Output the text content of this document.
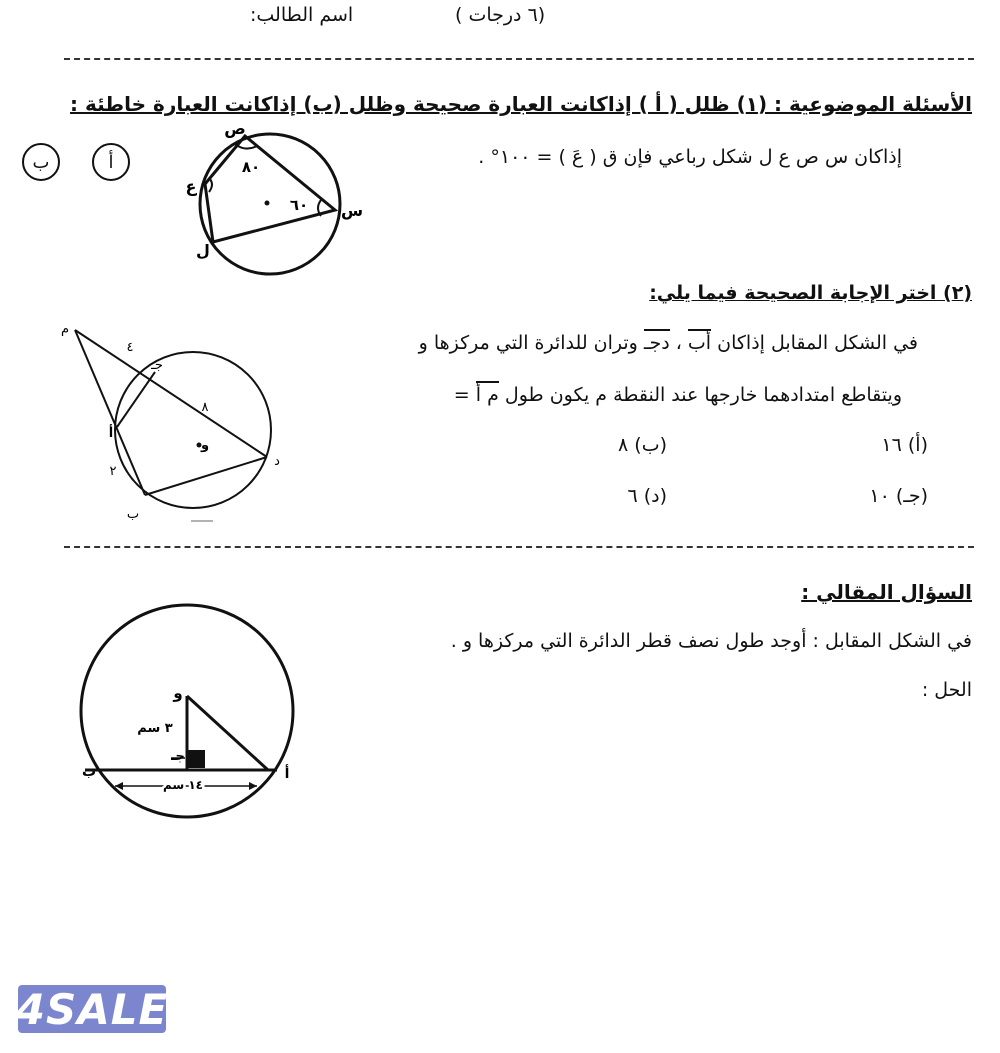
(٦ درجات )
اسم الطالب:
الأسئلة الموضوعية : (١) ظلل ( أ ) إذاكانت العبارة صحيحة وظلل (ب) إذاكانت العبارة خاطئة :
إذاكان س ص ع ل شكل رباعي فإن ق ( عَ ) = ١٠٠° .
أ
ب
ص
٨٠
ع
٦٠ س
ل
(٢) اختر الإجابة الصحيحة فيما يلي:
في الشكل المقابل إذاكان أب ، دجـ وتران للدائرة التي مركزها و
ويتقاطع امتدادهما خارجها عند النقطة م يكون طول م أ =
(أ) ١٦
(ب) ٨
(جـ) ١٠
(د) ٦
م
٤
جـ
٨
أ
و
د
٢
ب
السؤال المقالي :
في الشكل المقابل : أوجد طول نصف قطر الدائرة التي مركزها و .
الحل :
و
٣ سم
جـ
ب	أ
١٤ سم
4SALE
